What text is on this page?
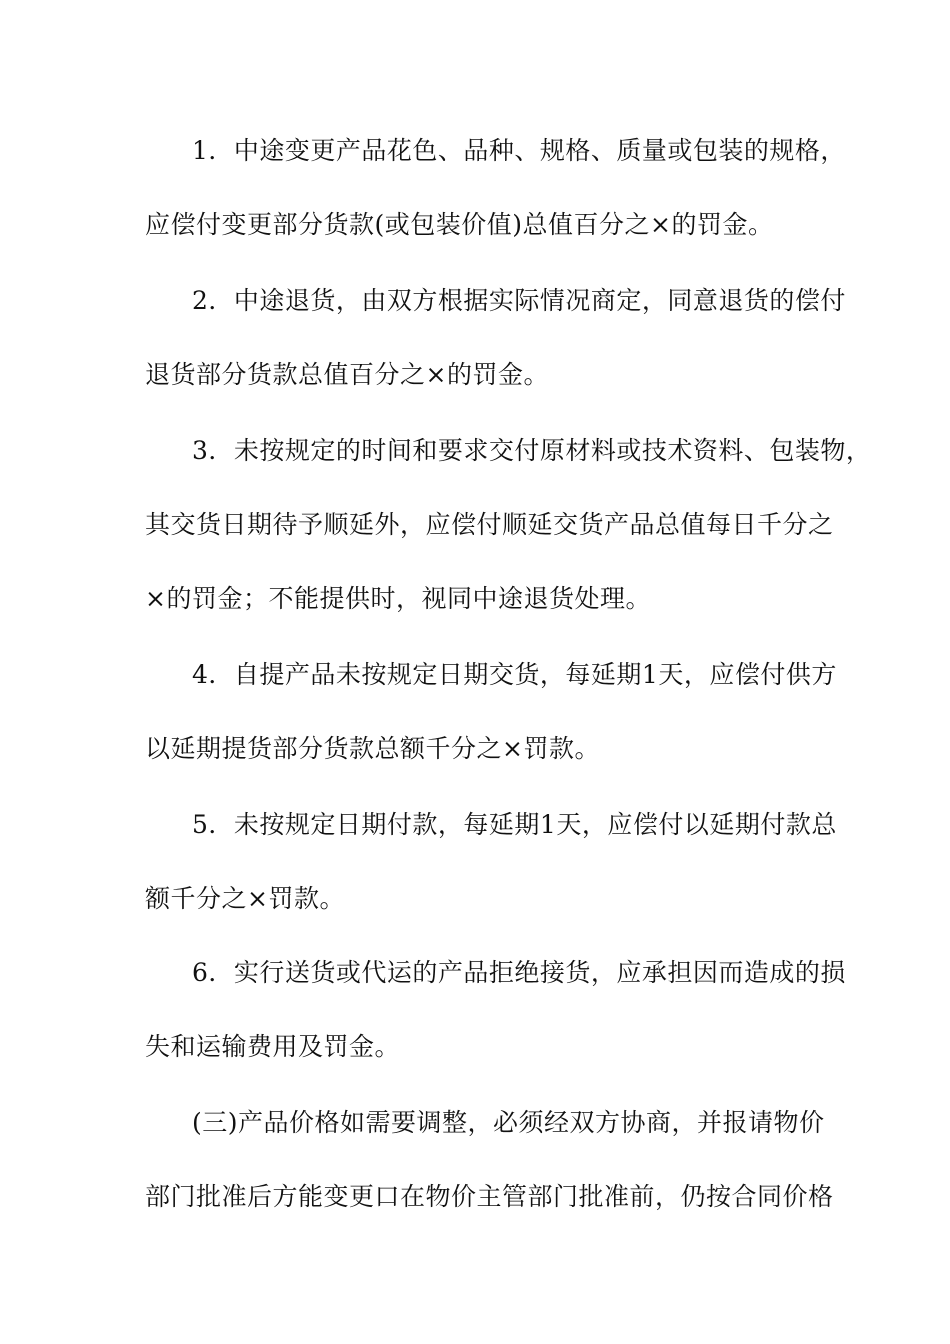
1．中途变更产品花色、品种、规格、质量或包装的规格，
应偿付变更部分货款(或包装价值)总值百分之×的罚金。
2．中途退货，由双方根据实际情况商定，同意退货的偿付
退货部分货款总值百分之×的罚金。
3．未按规定的时间和要求交付原材料或技术资料、包装物，
其交货日期待予顺延外，应偿付顺延交货产品总值每日千分之
×的罚金；不能提供时，视同中途退货处理。
4．自提产品未按规定日期交货，每延期1天，应偿付供方
以延期提货部分货款总额千分之×罚款。
5．未按规定日期付款，每延期1天，应偿付以延期付款总
额千分之×罚款。
6．实行送货或代运的产品拒绝接货，应承担因而造成的损
失和运输费用及罚金。
(三)产品价格如需要调整，必须经双方协商，并报请物价
部门批准后方能变更口在物价主管部门批准前，仍按合同价格
